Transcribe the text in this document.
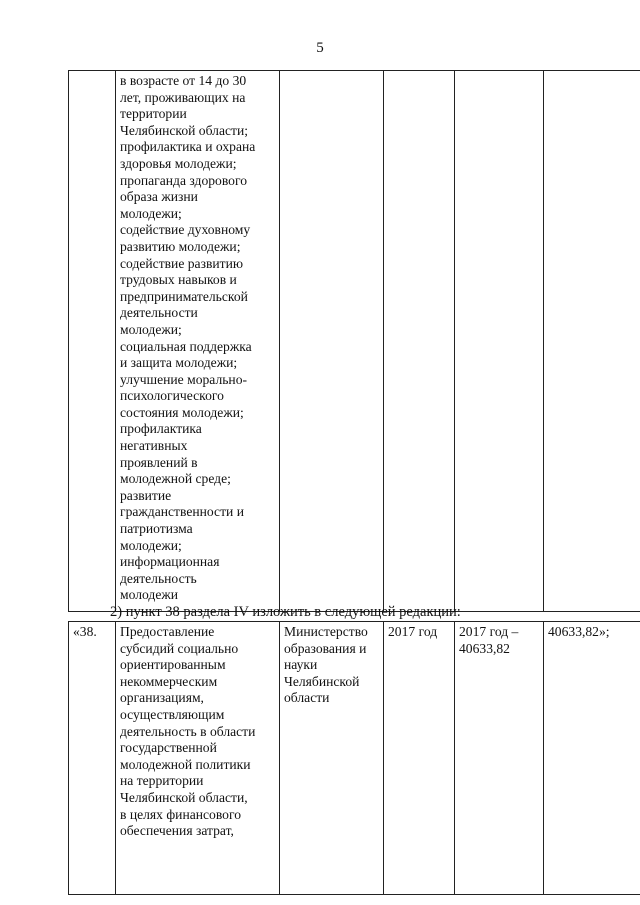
5
	в возрасте от 14 до 30
лет, проживающих на
территории
Челябинской области;
профилактика и охрана
здоровья молодежи;
пропаганда здорового
образа жизни
молодежи;
содействие духовному
развитию молодежи;
содействие развитию
трудовых навыков и
предпринимательской
деятельности
молодежи;
социальная поддержка
и защита молодежи;
улучшение морально-
психологического
состояния молодежи;
профилактика
негативных
проявлений в
молодежной среде;
развитие
гражданственности и
патриотизма
молодежи;
информационная
деятельность
молодежи				
2) пункт 38 раздела IV изложить в следующей редакции:
«38.	Предоставление
субсидий социально
ориентированным
некоммерческим
организациям,
осуществляющим
деятельность в области
государственной
молодежной политики
на территории
Челябинской области,
в целях финансового
обеспечения затрат,	Министерство
образования и
науки
Челябинской
области	2017 год	2017 год –
40633,82	40633,82»;
